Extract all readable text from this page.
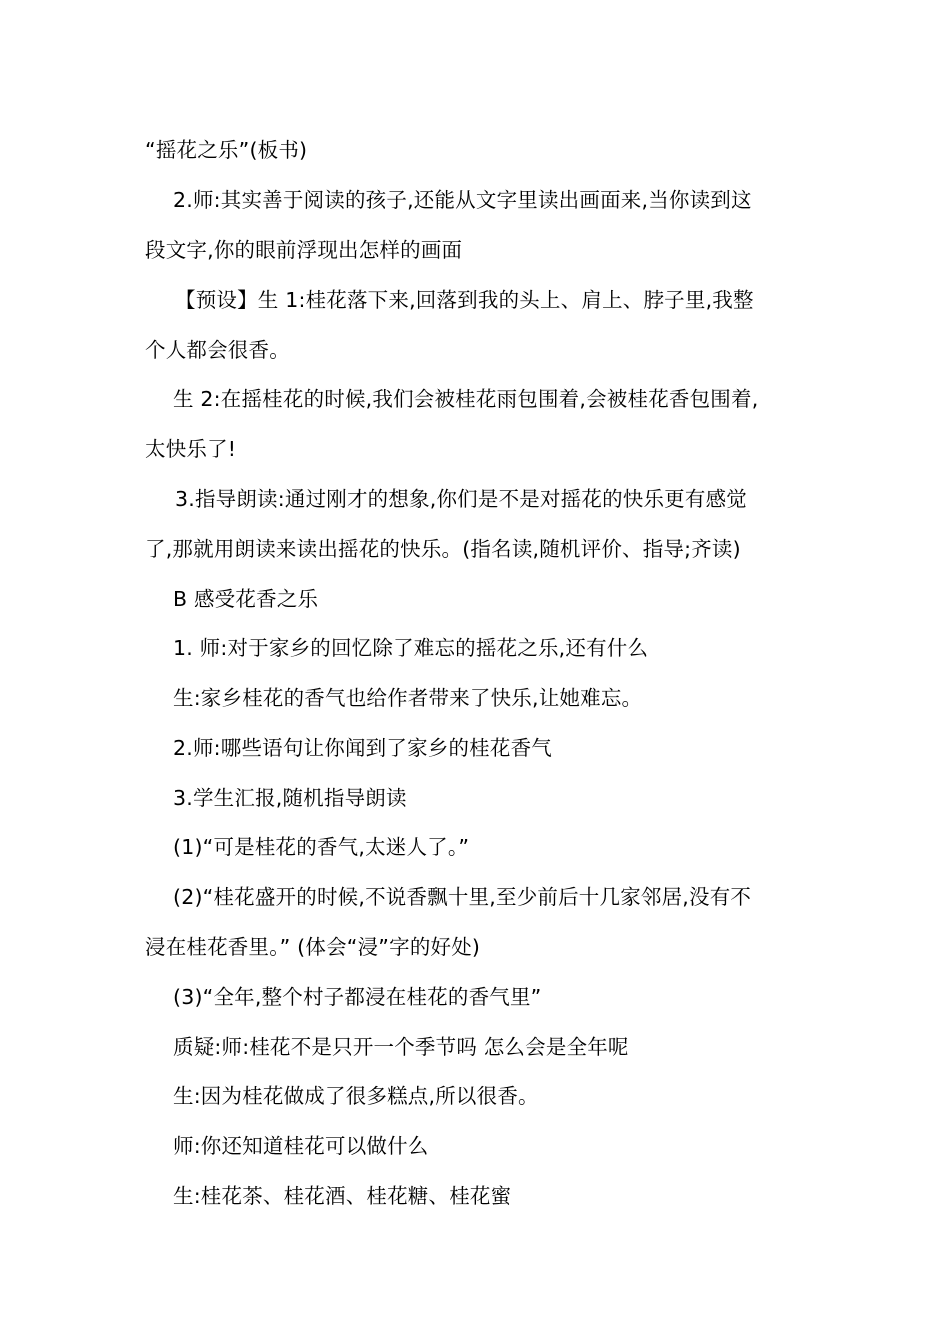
“摇花之乐”(板书)
2.师:其实善于阅读的孩子,还能从文字里读出画面来,当你读到这
段文字,你的眼前浮现出怎样的画面
【预设】生 1:桂花落下来,回落到我的头上、肩上、脖子里,我整
个人都会很香。
生 2:在摇桂花的时候,我们会被桂花雨包围着,会被桂花香包围着,
太快乐了!
3.指导朗读:通过刚才的想象,你们是不是对摇花的快乐更有感觉
了,那就用朗读来读出摇花的快乐。(指名读,随机评价、指导;齐读)
B 感受花香之乐
1. 师:对于家乡的回忆除了难忘的摇花之乐,还有什么
生:家乡桂花的香气也给作者带来了快乐,让她难忘。
2.师:哪些语句让你闻到了家乡的桂花香气
3.学生汇报,随机指导朗读
(1)“可是桂花的香气,太迷人了。”
(2)“桂花盛开的时候,不说香飘十里,至少前后十几家邻居,没有不
浸在桂花香里。” (体会“浸”字的好处)
(3)“全年,整个村子都浸在桂花的香气里”
质疑:师:桂花不是只开一个季节吗 怎么会是全年呢
生:因为桂花做成了很多糕点,所以很香。
师:你还知道桂花可以做什么
生:桂花茶、桂花酒、桂花糖、桂花蜜
